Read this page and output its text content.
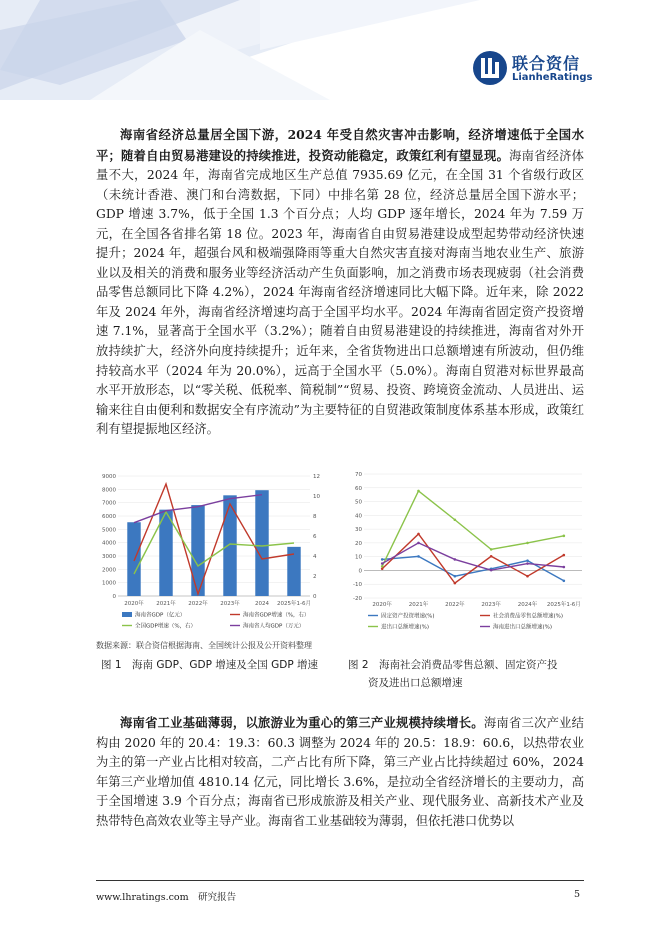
联合资信
LianheRatings
海南省经济总量居全国下游，2024 年受自然灾害冲击影响，经济增速低于全国水平；随着自由贸易港建设的持续推进，投资动能稳定，政策红利有望显现。海南省经济体量不大，2024 年，海南省完成地区生产总值 7935.69 亿元，在全国 31 个省级行政区（未统计香港、澳门和台湾数据，下同）中排名第 28 位，经济总量居全国下游水平；GDP 增速 3.7%，低于全国 1.3 个百分点；人均 GDP 逐年增长，2024 年为 7.59 万元，在全国各省排名第 18 位。2023 年，海南省自由贸易港建设成型起势带动经济快速提升；2024 年，超强台风和极端强降雨等重大自然灾害直接对海南当地农业生产、旅游业以及相关的消费和服务业等经济活动产生负面影响，加之消费市场表现疲弱（社会消费品零售总额同比下降 4.2%），2024 年海南省经济增速同比大幅下降。近年来，除 2022 年及 2024 年外，海南省经济增速均高于全国平均水平。2024 年海南省固定资产投资增速 7.1%，显著高于全国水平（3.2%）；随着自由贸易港建设的持续推进，海南省对外开放持续扩大，经济外向度持续提升；近年来，全省货物进出口总额增速有所波动，但仍维持较高水平（2024 年为 20.0%），远高于全国水平（5.0%）。海南自贸港对标世界最高水平开放形态，以“零关税、低税率、简税制”“贸易、投资、跨境资金流动、人员进出、运输来往自由便利和数据安全有序流动”为主要特征的自贸港政策制度体系基本形成，政策红利有望提振地区经济。
0
1000
2000
3000
4000
5000
6000
7000
8000
9000
0
2
4
6
8
10
12
2020年 2021年 2022年 2023年	2024 2025年1-6月
海南省GDP（亿元）	海南省GDP增速（%，右）
全国GDP增速（%，右）	海南省人均GDP（万元）
-20
-10
0
10
20
30
40
50
60
70
2020年	2021年	2022年	2023年	2024年 2025年1-6月
固定资产投资增速(%)	社会消费品零售总额增速(%)
进出口总额增速(%)	海南进出口总额增速(%)
数据来源：联合资信根据海南、全国统计公报及公开资料整理
图 1　海南 GDP、GDP 增速及全国 GDP 增速	图 2　海南社会消费品零售总额、固定资产投
资及进出口总额增速
海南省工业基础薄弱，以旅游业为重心的第三产业规模持续增长。海南省三次产业结构由 2020 年的 20.4：19.3：60.3 调整为 2024 年的 20.5：18.9：60.6，以热带农业为主的第一产业占比相对较高，二产占比有所下降，第三产业占比持续超过 60%，2024 年第三产业增加值 4810.14 亿元，同比增长 3.6%，是拉动全省经济增长的主要动力，高于全国增速 3.9 个百分点；海南省已形成旅游及相关产业、现代服务业、高新技术产业及热带特色高效农业等主导产业。海南省工业基础较为薄弱，但依托港口优势以
www.lhratings.com　研究报告	5
